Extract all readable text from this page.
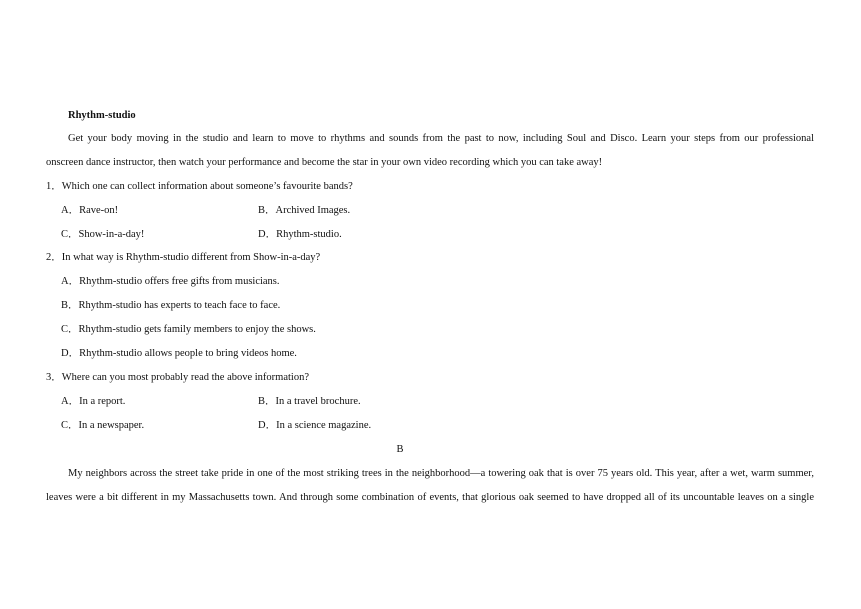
Rhythm-studio
Get your body moving in the studio and learn to move to rhythms and sounds from the past to now, including Soul and Disco. Learn your steps from our professional
onscreen dance instructor, then watch your performance and become the star in your own video recording which you can take away!
1．Which one can collect information about someone’s favourite bands?
A．Rave-on!	B．Archived Images.
C．Show-in-a-day!	D．Rhythm-studio.
2．In what way is Rhythm-studio different from Show-in-a-day?
A．Rhythm-studio offers free gifts from musicians.
B．Rhythm-studio has experts to teach face to face.
C．Rhythm-studio gets family members to enjoy the shows.
D．Rhythm-studio allows people to bring videos home.
3．Where can you most probably read the above information?
A．In a report.	B．In a travel brochure.
C．In a newspaper.	D．In a science magazine.
B
My neighbors across the street take pride in one of the most striking trees in the neighborhood—a towering oak that is over 75 years old. This year, after a wet, warm summer,
leaves were a bit different in my Massachusetts town. And through some combination of events, that glorious oak seemed to have dropped all of its uncountable leaves on a single
